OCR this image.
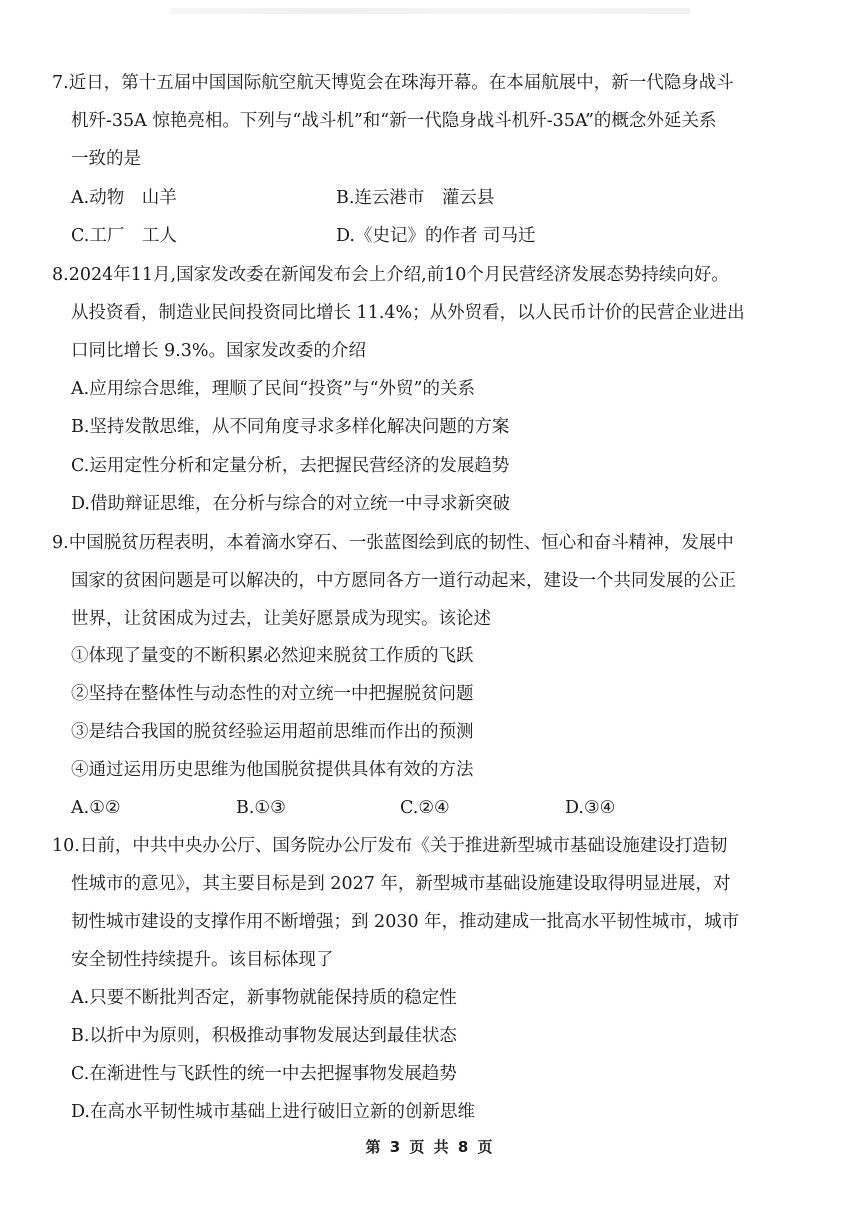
7.近日，第十五届中国国际航空航天博览会在珠海开幕。在本届航展中，新一代隐身战斗
机歼-35A 惊艳亮相。下列与“战斗机”和“新一代隐身战斗机歼-35A”的概念外延关系
一致的是
A.动物　山羊	B.连云港市　灌云县
C.工厂　工人	D.《史记》的作者 司马迁
8.2024年11月,国家发改委在新闻发布会上介绍,前10个月民营经济发展态势持续向好。
从投资看，制造业民间投资同比增长 11.4%；从外贸看，以人民币计价的民营企业进出
口同比增长 9.3%。国家发改委的介绍
A.应用综合思维，理顺了民间“投资”与“外贸”的关系
B.坚持发散思维，从不同角度寻求多样化解决问题的方案
C.运用定性分析和定量分析，去把握民营经济的发展趋势
D.借助辩证思维，在分析与综合的对立统一中寻求新突破
9.中国脱贫历程表明，本着滴水穿石、一张蓝图绘到底的韧性、恒心和奋斗精神，发展中
国家的贫困问题是可以解决的，中方愿同各方一道行动起来，建设一个共同发展的公正
世界，让贫困成为过去，让美好愿景成为现实。该论述
①体现了量变的不断积累必然迎来脱贫工作质的飞跃
②坚持在整体性与动态性的对立统一中把握脱贫问题
③是结合我国的脱贫经验运用超前思维而作出的预测
④通过运用历史思维为他国脱贫提供具体有效的方法
A.①②	B.①③	C.②④	D.③④
10.日前，中共中央办公厅、国务院办公厅发布《关于推进新型城市基础设施建设打造韧
性城市的意见》，其主要目标是到 2027 年，新型城市基础设施建设取得明显进展，对
韧性城市建设的支撑作用不断增强；到 2030 年，推动建成一批高水平韧性城市，城市
安全韧性持续提升。该目标体现了
A.只要不断批判否定，新事物就能保持质的稳定性
B.以折中为原则，积极推动事物发展达到最佳状态
C.在渐进性与飞跃性的统一中去把握事物发展趋势
D.在高水平韧性城市基础上进行破旧立新的创新思维
第 3 页 共 8 页
